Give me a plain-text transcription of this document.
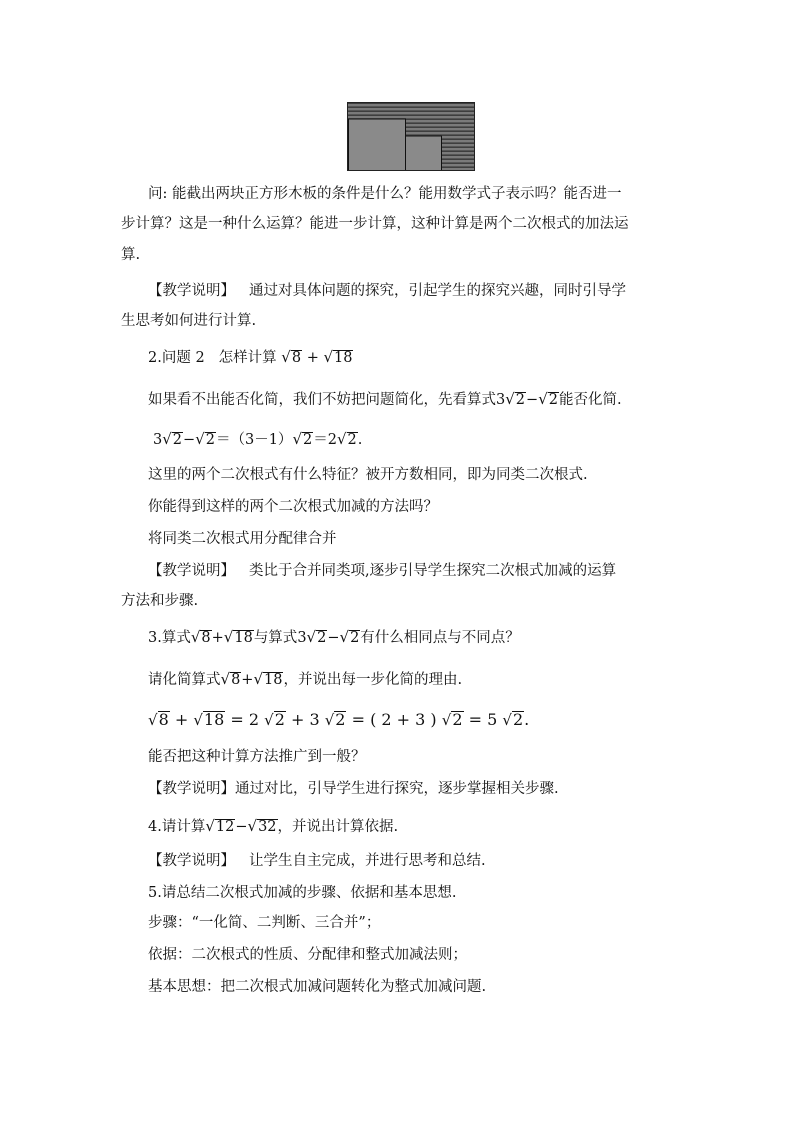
问: 能截出两块正方形木板的条件是什么？能用数学式子表示吗？能否进一
步计算？这是一种什么运算？能进一步计算，这种计算是两个二次根式的加法运
算.
【教学说明】 通过对具体问题的探究，引起学生的探究兴趣，同时引导学
生思考如何进行计算.
2.问题 2 怎样计算 √8 + √18
如果看不出能否化简，我们不妨把问题简化，先看算式3√2−√2能否化简.
3√2−√2＝（3－1）√2＝2√2.
这里的两个二次根式有什么特征？被开方数相同，即为同类二次根式.
你能得到这样的两个二次根式加减的方法吗？
将同类二次根式用分配律合并
【教学说明】 类比于合并同类项,逐步引导学生探究二次根式加减的运算
方法和步骤.
3.算式√8+√18与算式3√2−√2有什么相同点与不同点？
请化简算式√8+√18，并说出每一步化简的理由.
√8 + √18 = 2 √2 + 3 √2 = ( 2 + 3 ) √2 = 5 √2.
能否把这种计算方法推广到一般？
【教学说明】通过对比，引导学生进行探究，逐步掌握相关步骤.
4.请计算√12−√32，并说出计算依据.
【教学说明】 让学生自主完成，并进行思考和总结.
5.请总结二次根式加减的步骤、依据和基本思想.
步骤：“一化简、二判断、三合并”；
依据：二次根式的性质、分配律和整式加减法则；
基本思想：把二次根式加减问题转化为整式加减问题.
